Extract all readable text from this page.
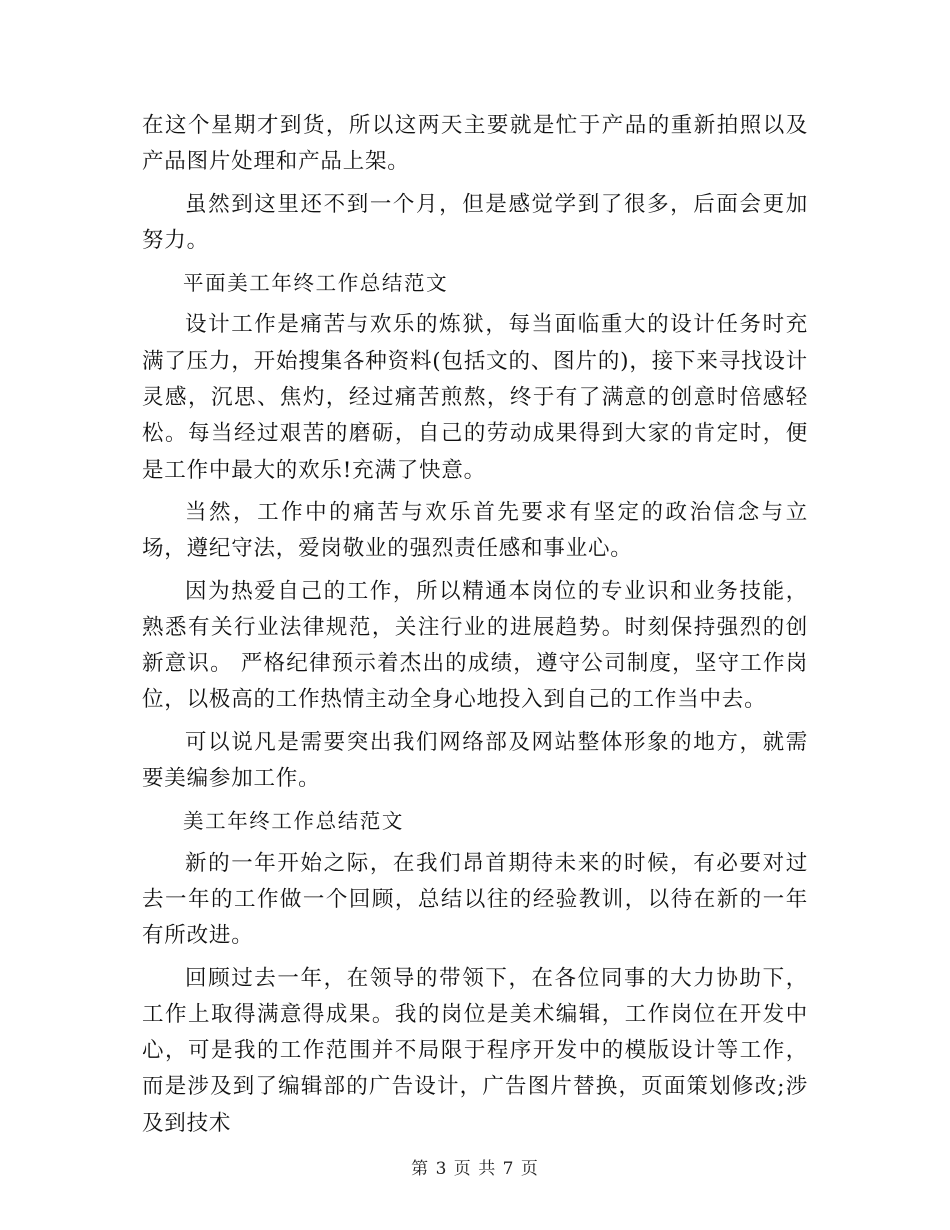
在这个星期才到货，所以这两天主要就是忙于产品的重新拍照以及产品图片处理和产品上架。

虽然到这里还不到一个月，但是感觉学到了很多，后面会更加努力。

平面美工年终工作总结范文

设计工作是痛苦与欢乐的炼狱，每当面临重大的设计任务时充满了压力，开始搜集各种资料(包括文的、图片的)，接下来寻找设计灵感，沉思、焦灼，经过痛苦煎熬，终于有了满意的创意时倍感轻松。每当经过艰苦的磨砺，自己的劳动成果得到大家的肯定时，便是工作中最大的欢乐!充满了快意。

当然，工作中的痛苦与欢乐首先要求有坚定的政治信念与立场，遵纪守法，爱岗敬业的强烈责任感和事业心。

因为热爱自己的工作，所以精通本岗位的专业识和业务技能，熟悉有关行业法律规范，关注行业的进展趋势。时刻保持强烈的创新意识。 严格纪律预示着杰出的成绩，遵守公司制度，坚守工作岗位，以极高的工作热情主动全身心地投入到自己的工作当中去。

可以说凡是需要突出我们网络部及网站整体形象的地方，就需要美编参加工作。

美工年终工作总结范文

新的一年开始之际，在我们昂首期待未来的时候，有必要对过去一年的工作做一个回顾，总结以往的经验教训，以待在新的一年有所改进。

回顾过去一年，在领导的带领下，在各位同事的大力协助下，工作上取得满意得成果。我的岗位是美术编辑，工作岗位在开发中心，可是我的工作范围并不局限于程序开发中的模版设计等工作，而是涉及到了编辑部的广告设计，广告图片替换，页面策划修改;涉及到技术

第 3 页 共 7 页
